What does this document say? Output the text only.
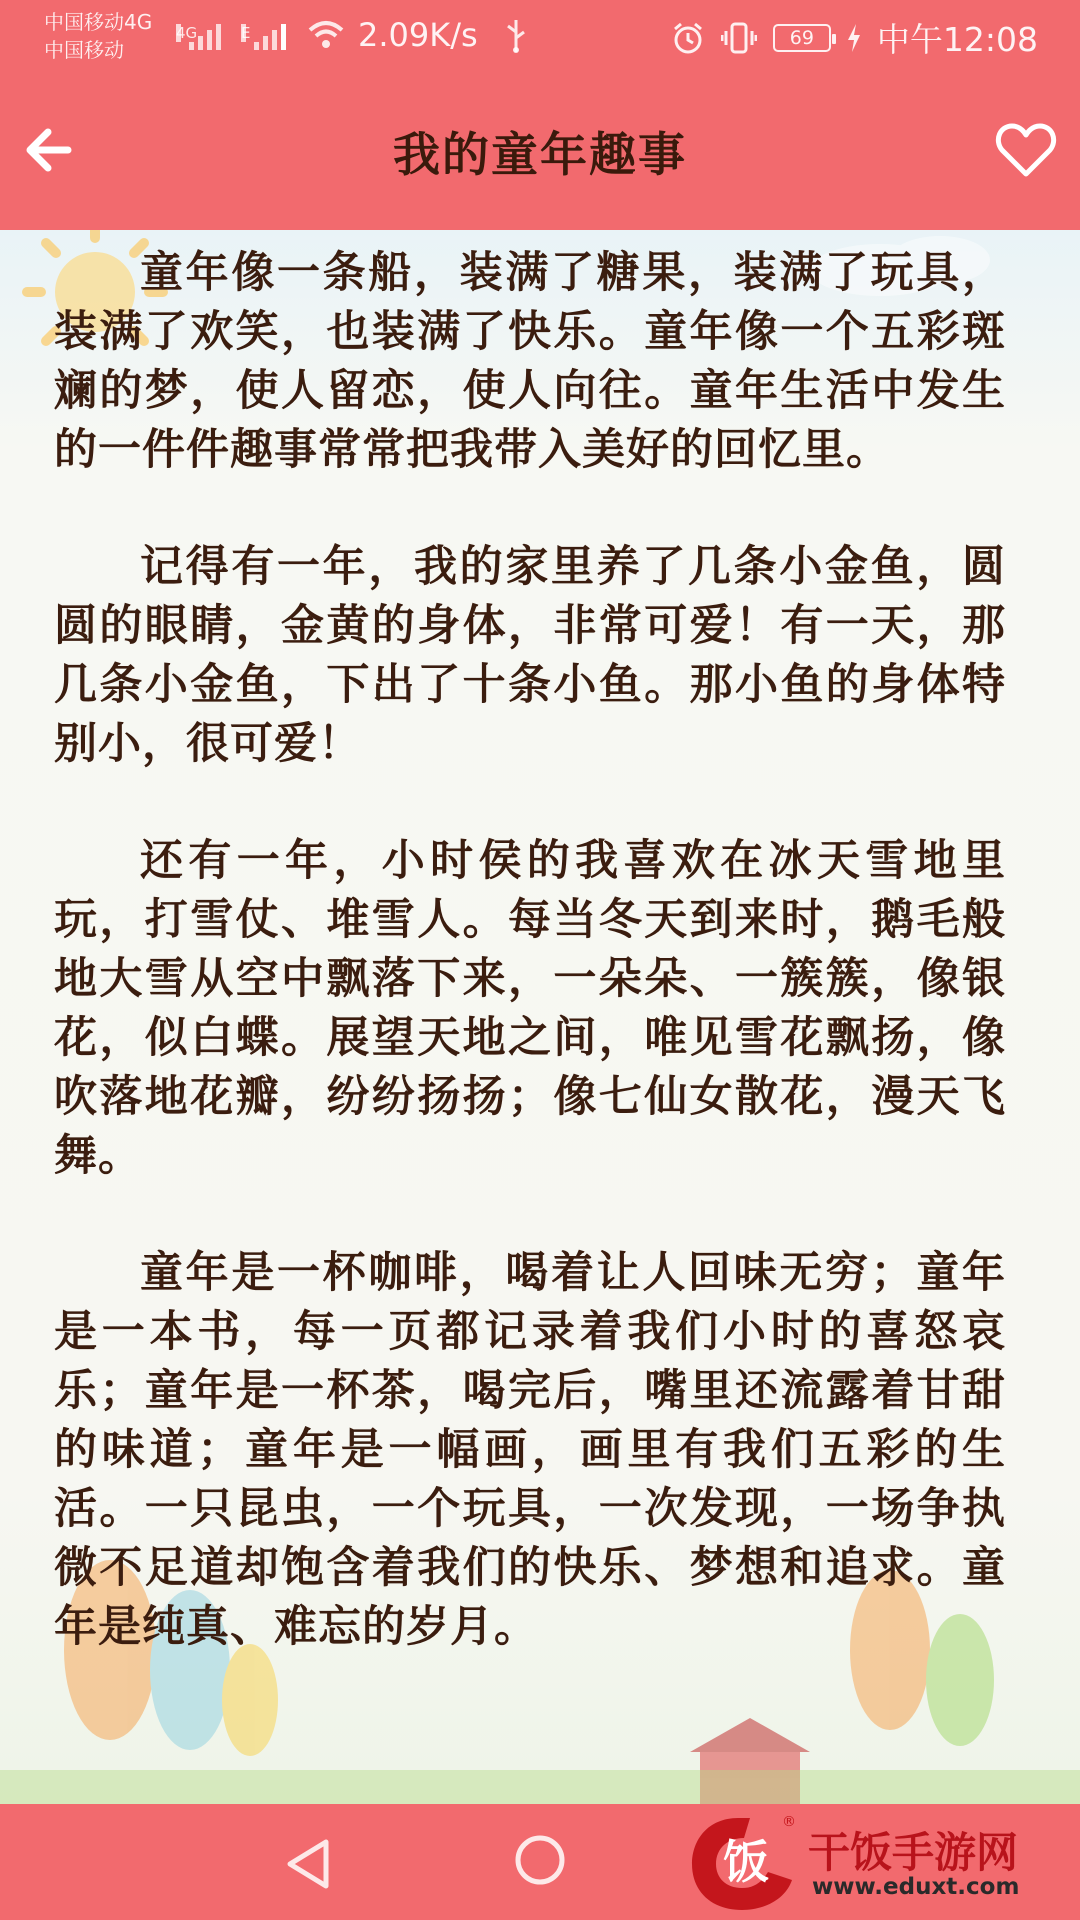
中国移动4G
中国移动
4G	E	2.09K/s	69 中午12:08
我的童年趣事

童年像一条船，装满了糖果，装满了玩具，装满了欢笑，也装满了快乐。童年像一个五彩斑斓的梦，使人留恋，使人向往。童年生活中发生的一件件趣事常常把我带入美好的回忆里。

记得有一年，我的家里养了几条小金鱼，圆圆的眼睛，金黄的身体，非常可爱！有一天，那几条小金鱼，下出了十条小鱼。那小鱼的身体特别小，很可爱！

还有一年，小时侯的我喜欢在冰天雪地里玩，打雪仗、堆雪人。每当冬天到来时，鹅毛般地大雪从空中飘落下来，一朵朵、一簇簇，像银花，似白蝶。展望天地之间，唯见雪花飘扬，像吹落地花瓣，纷纷扬扬；像七仙女散花，漫天飞舞。

童年是一杯咖啡，喝着让人回味无穷；童年是一本书，每一页都记录着我们小时的喜怒哀乐；童年是一杯茶，喝完后，嘴里还流露着甘甜的味道；童年是一幅画，画里有我们五彩的生活。一只昆虫，一个玩具，一次发现，一场争执微不足道却饱含着我们的快乐、梦想和追求。童年是纯真、难忘的岁月。

饭
®
干饭手游网
www.eduxt.com
